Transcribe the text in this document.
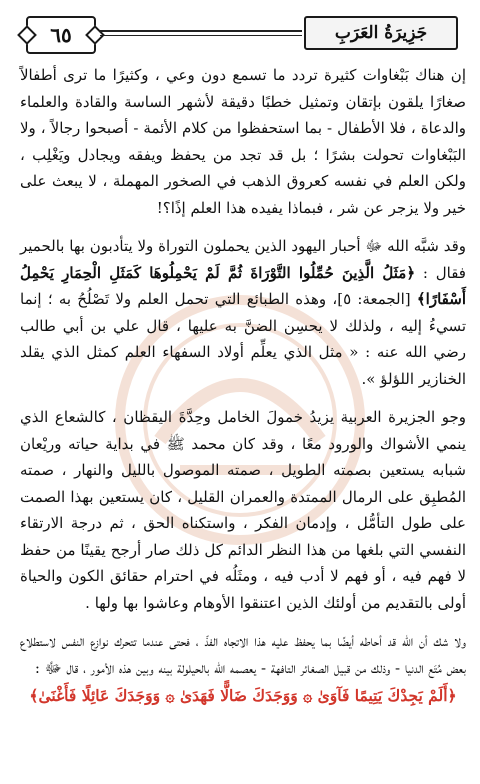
٦٥	جَزِيرَةُ العَرَبِ

إن هناك بَبْغاوات كثيرة تردد ما تسمع دون وعي ، وكثيرًا ما ترى أطفالاً صغارًا يلقون بإتقان وتمثيل خطبًا دقيقة لأشهر الساسة والقادة والعلماء والدعاة ، فلا الأطفال - بما استحفظوا من كلام الأئمة - أصبحوا رجالاً ، ولا البَبْغاوات تحولت بشرًا ؛ بل قد تجد من يحفظ ويفقه ويجادل ويَغْلِب ، ولكن العلم في نفسه كعروق الذهب في الصخور المهملة ، لا يبعث على خير ولا يزجر عن شر ، فبماذا يفيده هذا العلم إذًا؟!

وقد شبَّه الله ﷻ أحبار اليهود الذين يحملون التوراة ولا يتأدبون بها بالحمير فقال : ﴿مَثَلُ الَّذِينَ حُمِّلُوا التَّوْرَاةَ ثُمَّ لَمْ يَحْمِلُوهَا كَمَثَلِ الْحِمَارِ يَحْمِلُ أَسْفَارًا﴾ [الجمعة: ٥]، وهذه الطبائع التي تحمل العلم ولا تَصْلُحُ به ؛ إنما تسيءُ إليه ، ولذلك لا يحسِن الضنَّ به عليها ، قال علي بن أبي طالب رضي الله عنه : « مثل الذي يعلِّم أولاد السفهاء العلم كمثل الذي يقلد الخنازير اللؤلؤ ».

وجو الجزيرة العربية يزيدُ خمولَ الخامل وحِدَّةَ اليقظان ، كالشعاع الذي ينمي الأشواك والورود معًا ، وقد كان محمد ﷺ في بداية حياته وريْعان شبابه يستعين بصمته الطويل ، صمته الموصول بالليل والنهار ، صمته المُطبِق على الرمال الممتدة والعمران القليل ، كان يستعين بهذا الصمت على طول التأمُّل ، وإدمان الفكر ، واستكناه الحق ، ثم درجة الارتقاء النفسي التي بلغها من هذا النظر الدائم كل ذلك صار أرجح يقينًا من حفظ لا فهم فيه ، أو فهم لا أدب فيه ، ومثَلُه في احترام حقائق الكون والحياة أولى بالتقديم من أولئك الذين اعتنقوا الأوهام وعاشوا بها ولها .

ولا شك أن الله قد أحاطه أيضًا بما يحفظ عليه هذا الاتجاه الفذّ ، فحتى عندما تتحرك نوازع النفس لاستطلاع بعض مُتَع الدنيا - وذلك من قبيل الصغائر التافهة - يعصمه الله بالحيلولة بينه وبين هذه الأمور ، قال ﷻ :

﴿أَلَمْ يَجِدْكَ يَتِيمًا فَآوَىٰ ۞ وَوَجَدَكَ ضَالًّا فَهَدَىٰ ۞ وَوَجَدَكَ عَائِلًا فَأَغْنَىٰ﴾
